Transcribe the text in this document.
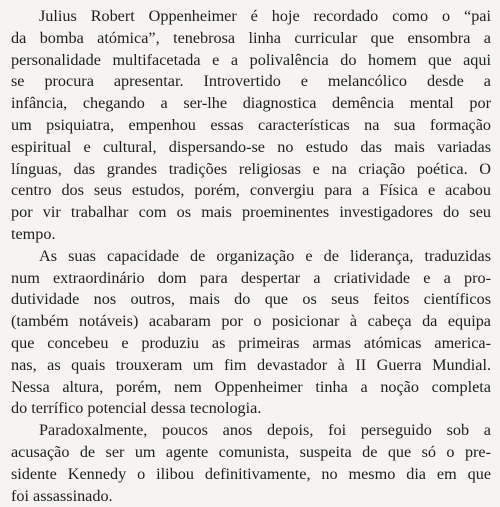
Julius Robert Oppenheimer é hoje recordado como o “pai
da bomba atómica”, tenebrosa linha curricular que ensombra a
personalidade multifacetada e a polivalência do homem que aqui
se procura apresentar. Introvertido e melancólico desde a
infância, chegando a ser-lhe diagnostica demência mental por
um psiquiatra, empenhou essas características na sua formação
espiritual e cultural, dispersando-se no estudo das mais variadas
línguas, das grandes tradições religiosas e na criação poética. O
centro dos seus estudos, porém, convergiu para a Física e acabou
por vir trabalhar com os mais proeminentes investigadores do seu
tempo.
As suas capacidade de organização e de liderança, traduzidas
num extraordinário dom para despertar a criatividade e a pro-
dutividade nos outros, mais do que os seus feitos científicos
(também notáveis) acabaram por o posicionar à cabeça da equipa
que concebeu e produziu as primeiras armas atómicas america-
nas, as quais trouxeram um fim devastador à II Guerra Mundial.
Nessa altura, porém, nem Oppenheimer tinha a noção completa
do terrífico potencial dessa tecnologia.
Paradoxalmente, poucos anos depois, foi perseguido sob a
acusação de ser um agente comunista, suspeita de que só o pre-
sidente Kennedy o ilibou definitivamente, no mesmo dia em que
foi assassinado.
